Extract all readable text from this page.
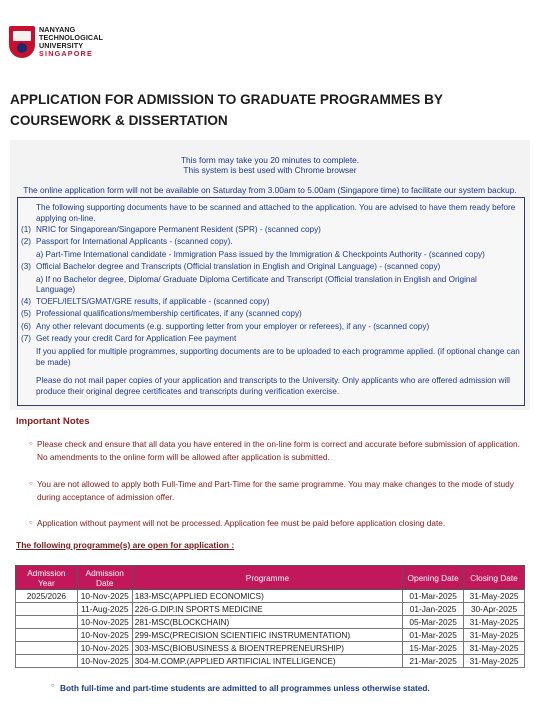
NANYANG
TECHNOLOGICAL
UNIVERSITY
SINGAPORE
APPLICATION FOR ADMISSION TO GRADUATE PROGRAMMES BY COURSEWORK & DISSERTATION
This form may take you 20 minutes to complete.
This system is best used with Chrome browser
The online application form will not be available on Saturday from 3.00am to 5.00am (Singapore time) to facilitate our system backup.
The following supporting documents have to be scanned and attached to the application. You are advised to have them ready before applying on-line.
(1) NRIC for Singaporean/Singapore Permanent Resident (SPR) - (scanned copy)
(2) Passport for International Applicants - (scanned copy).
a) Part-Time International candidate - Immigration Pass issued by the Immigration & Checkpoints Authority - (scanned copy)
(3) Official Bachelor degree and Transcripts (Official translation in English and Original Language) - (scanned copy)
a) If no Bachelor degree, Diploma/ Graduate Diploma Certificate and Transcript (Official translation in English and Original
Language)
(4) TOEFL/IELTS/GMAT/GRE results, if applicable - (scanned copy)
(5) Professional qualifications/membership certificates, if any (scanned copy)
(6) Any other relevant documents (e.g. supporting letter from your employer or referees), if any - (scanned copy)
(7) Get ready your credit Card for Application Fee payment
If you applied for multiple programmes, supporting documents are to be uploaded to each programme applied. (if optional change can be made)
Please do not mail paper copies of your application and transcripts to the University. Only applicants who are offered admission will produce their original degree certificates and transcripts during verification exercise.
Important Notes
○ Please check and ensure that all data you have entered in the on-line form is correct and accurate before submission of application. No amendments to the online form will be allowed after application is submitted.
○ You are not allowed to apply both Full-Time and Part-Time for the same programme. You may make changes to the mode of study during acceptance of admission offer.
○ Application without payment will not be processed. Application fee must be paid before application closing date.
The following programme(s) are open for application :
Admission Year	Admission Date	Programme	Opening Date	Closing Date
2025/2026	10-Nov-2025	183-MSC(APPLIED ECONOMICS)	01-Mar-2025	31-May-2025
	11-Aug-2025	226-G.DIP.IN SPORTS MEDICINE	01-Jan-2025	30-Apr-2025
	10-Nov-2025	281-MSC(BLOCKCHAIN)	05-Mar-2025	31-May-2025
	10-Nov-2025	299-MSC(PRECISION SCIENTIFIC INSTRUMENTATION)	01-Mar-2025	31-May-2025
	10-Nov-2025	303-MSC(BIOBUSINESS & BIOENTREPRENEURSHIP)	15-Mar-2025	31-May-2025
	10-Nov-2025	304-M.COMP.(APPLIED ARTIFICIAL INTELLIGENCE)	21-Mar-2025	31-May-2025
○ Both full-time and part-time students are admitted to all programmes unless otherwise stated.
